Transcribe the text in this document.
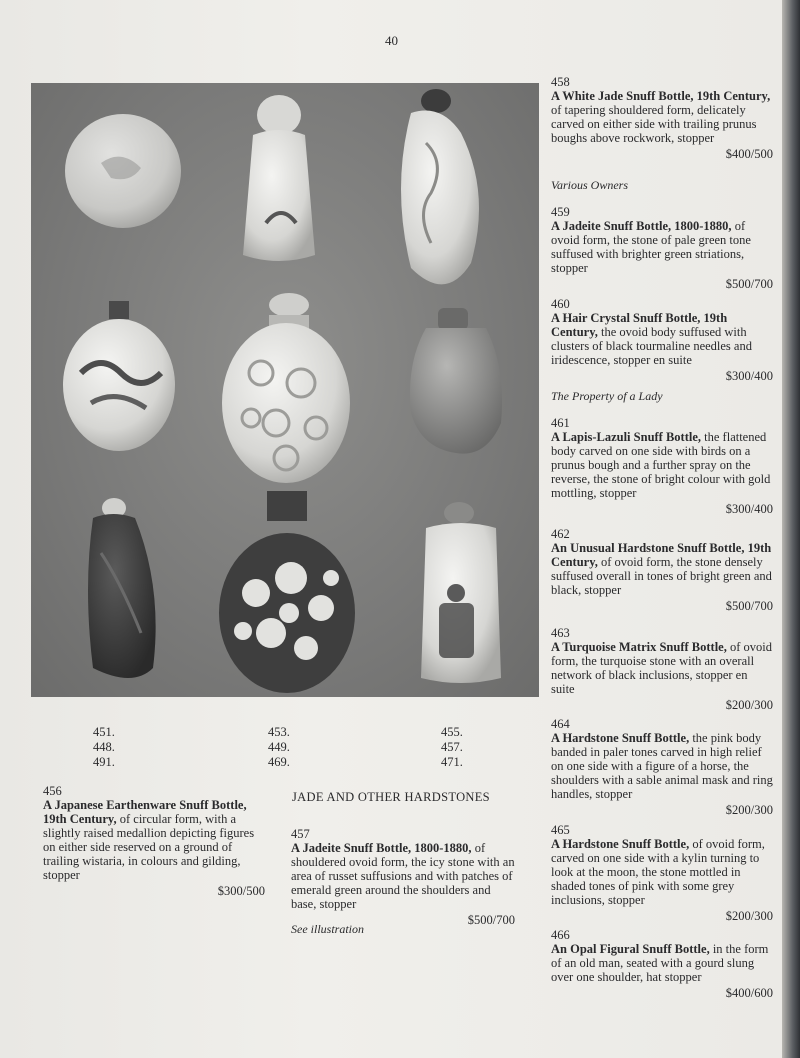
40
451.
448.
491.
453.
449.
469.
455.
457.
471.
456
A Japanese Earthenware Snuff Bottle, 19th Century, of circular form, with a slightly raised medallion depicting figures on either side reserved on a ground of trailing wistaria, in colours and gilding, stopper
$300/500
JADE AND OTHER HARDSTONES
457
A Jadeite Snuff Bottle, 1800-1880, of shouldered ovoid form, the icy stone with an area of russet suffusions and with patches of emerald green around the shoulders and base, stopper
$500/700
See illustration
458
A White Jade Snuff Bottle, 19th Century, of tapering shouldered form, delicately carved on either side with trailing prunus boughs above rockwork, stopper
$400/500
Various Owners
459
A Jadeite Snuff Bottle, 1800-1880, of ovoid form, the stone of pale green tone suffused with brighter green striations, stopper
$500/700
460
A Hair Crystal Snuff Bottle, 19th Century, the ovoid body suffused with clusters of black tourmaline needles and iridescence, stopper en suite
$300/400
The Property of a Lady
461
A Lapis-Lazuli Snuff Bottle, the flattened body carved on one side with birds on a prunus bough and a further spray on the reverse, the stone of bright colour with gold mottling, stopper
$300/400
462
An Unusual Hardstone Snuff Bottle, 19th Century, of ovoid form, the stone densely suffused overall in tones of bright green and black, stopper
$500/700
463
A Turquoise Matrix Snuff Bottle, of ovoid form, the turquoise stone with an overall network of black inclusions, stopper en suite
$200/300
464
A Hardstone Snuff Bottle, the pink body banded in paler tones carved in high relief on one side with a figure of a horse, the shoulders with a sable animal mask and ring handles, stopper
$200/300
465
A Hardstone Snuff Bottle, of ovoid form, carved on one side with a kylin turning to look at the moon, the stone mottled in shaded tones of pink with some grey inclusions, stopper
$200/300
466
An Opal Figural Snuff Bottle, in the form of an old man, seated with a gourd slung over one shoulder, hat stopper
$400/600
